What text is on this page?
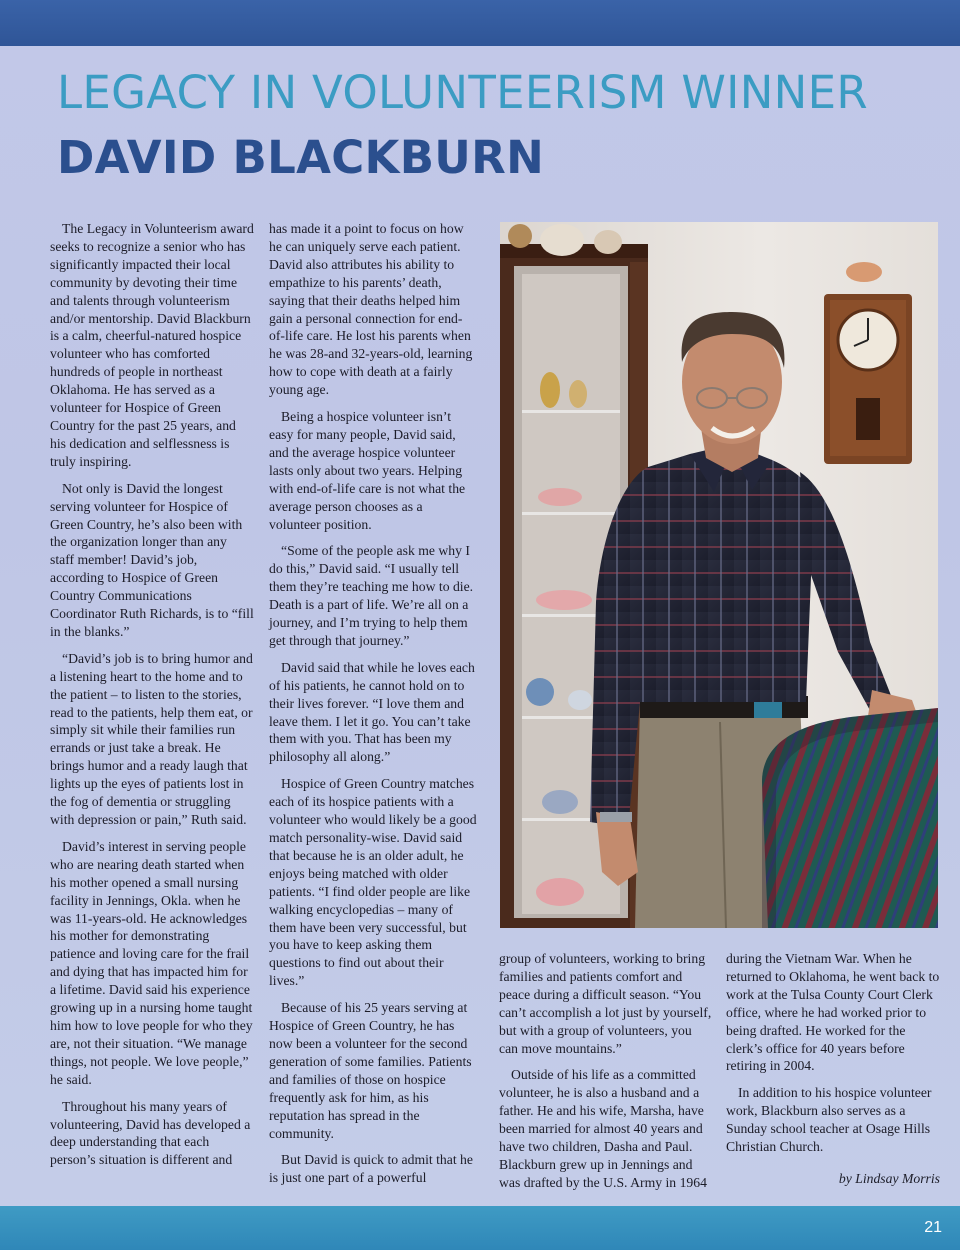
LEGACY IN VOLUNTEERISM WINNER
DAVID BLACKBURN

The Legacy in Volunteerism award seeks to recognize a senior who has significantly impacted their local community by devoting their time and talents through volunteerism and/or mentorship. David Blackburn is a calm, cheerful-natured hospice volunteer who has comforted hundreds of people in northeast Oklahoma. He has served as a volunteer for Hospice of Green Country for the past 25 years, and his dedication and selflessness is truly inspiring.

Not only is David the longest serving volunteer for Hospice of Green Country, he’s also been with the organization longer than any staff member! David’s job, according to Hospice of Green Country Communications Coordinator Ruth Richards, is to “fill in the blanks.”

“David’s job is to bring humor and a listening heart to the home and to the patient – to listen to the stories, read to the patients, help them eat, or simply sit while their families run errands or just take a break. He brings humor and a ready laugh that lights up the eyes of patients lost in the fog of dementia or struggling with depression or pain,” Ruth said.

David’s interest in serving people who are nearing death started when his mother opened a small nursing facility in Jennings, Okla. when he was 11-years-old. He acknowledges his mother for demonstrating patience and loving care for the frail and dying that has impacted him for a lifetime. David said his experience growing up in a nursing home taught him how to love people for who they are, not their situation. “We manage things, not people. We love people,” he said.

Throughout his many years of volunteering, David has developed a deep understanding that each person’s situation is different and

has made it a point to focus on how he can uniquely serve each patient. David also attributes his ability to empathize to his parents’ death, saying that their deaths helped him gain a personal connection for end-of-life care. He lost his parents when he was 28-and 32-years-old, learning how to cope with death at a fairly young age.

Being a hospice volunteer isn’t easy for many people, David said, and the average hospice volunteer lasts only about two years. Helping with end-of-life care is not what the average person chooses as a volunteer position.

“Some of the people ask me why I do this,” David said. “I usually tell them they’re teaching me how to die. Death is a part of life. We’re all on a journey, and I’m trying to help them get through that journey.”

David said that while he loves each of his patients, he cannot hold on to their lives forever. “I love them and leave them. I let it go. You can’t take them with you. That has been my philosophy all along.”

Hospice of Green Country matches each of its hospice patients with a volunteer who would likely be a good match personality-wise. David said that because he is an older adult, he enjoys being matched with older patients. “I find older people are like walking encyclopedias – many of them have been very successful, but you have to keep asking them questions to find out about their lives.”

Because of his 25 years serving at Hospice of Green Country, he has now been a volunteer for the second generation of some families. Patients and families of those on hospice frequently ask for him, as his reputation has spread in the community.

But David is quick to admit that he is just one part of a powerful

group of volunteers, working to bring families and patients comfort and peace during a difficult season. “You can’t accomplish a lot just by yourself, but with a group of volunteers, you can move mountains.”

Outside of his life as a committed volunteer, he is also a husband and a father. He and his wife, Marsha, have been married for almost 40 years and have two children, Dasha and Paul. Blackburn grew up in Jennings and was drafted by the U.S. Army in 1964

during the Vietnam War. When he returned to Oklahoma, he went back to work at the Tulsa County Court Clerk office, where he had worked prior to being drafted. He worked for the clerk’s office for 40 years before retiring in 2004.

In addition to his hospice volunteer work, Blackburn also serves as a Sunday school teacher at Osage Hills Christian Church.

by Lindsay Morris

21
